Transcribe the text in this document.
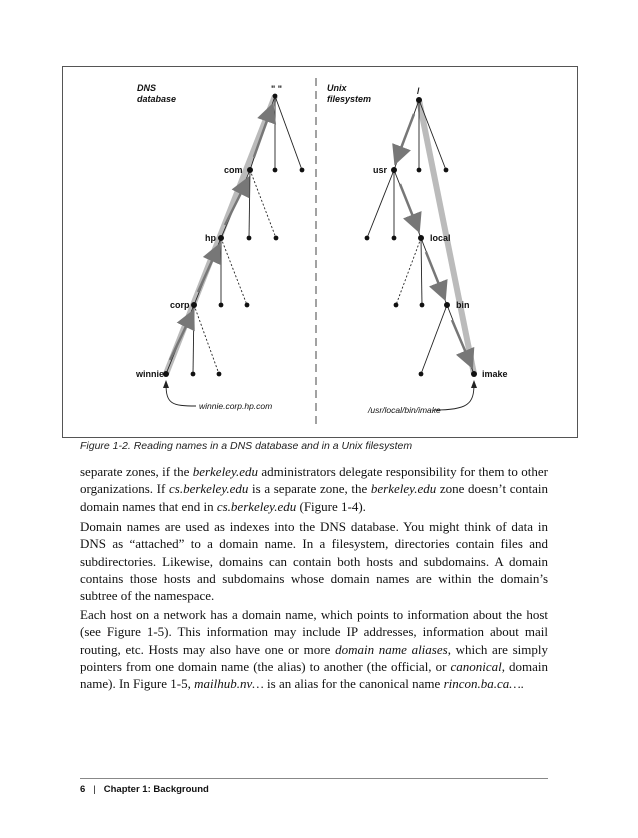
DNS
database
Unix
filesystem
" "
com
hp
corp
winnie
winnie.corp.hp.com
/
usr
local
bin
imake
/usr/local/bin/imake
Figure 1-2. Reading names in a DNS database and in a Unix filesystem

separate zones, if the berkeley.edu administrators delegate responsibility for them to other organizations. If cs.berkeley.edu is a separate zone, the berkeley.edu zone doesn’t contain domain names that end in cs.berkeley.edu (Figure 1-4).

Domain names are used as indexes into the DNS database. You might think of data in DNS as “attached” to a domain name. In a filesystem, directories contain files and subdirectories. Likewise, domains can contain both hosts and subdomains. A domain contains those hosts and subdomains whose domain names are within the domain’s subtree of the namespace.

Each host on a network has a domain name, which points to information about the host (see Figure 1-5). This information may include IP addresses, information about mail routing, etc. Hosts may also have one or more domain name aliases, which are simply pointers from one domain name (the alias) to another (the official, or canonical, domain name). In Figure 1-5, mailhub.nv… is an alias for the canonical name rincon.ba.ca….

6 | Chapter 1: Background
